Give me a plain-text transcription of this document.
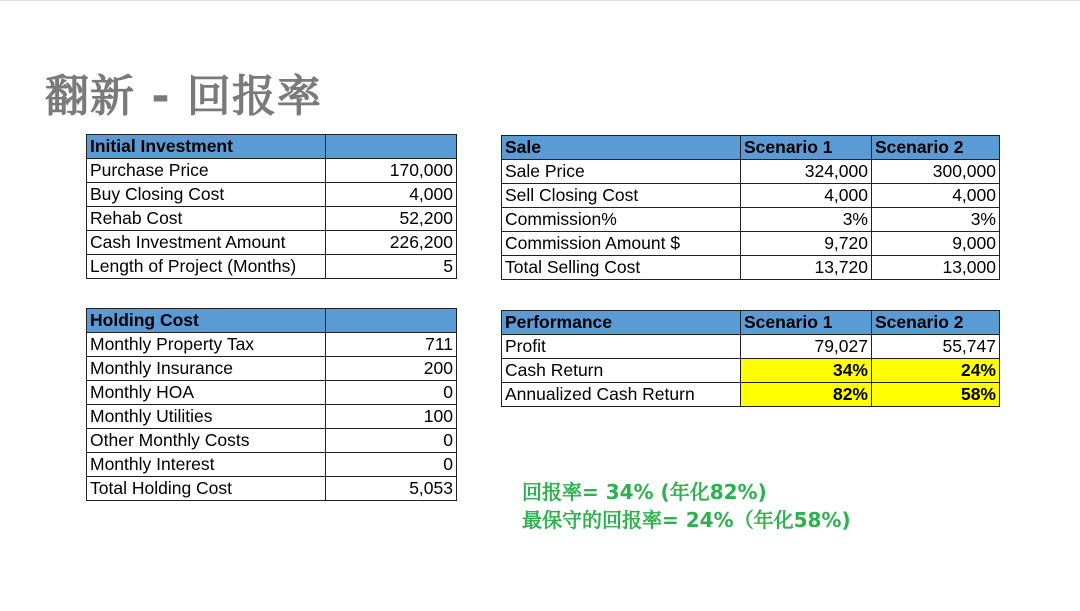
翻新 - 回报率
Initial Investment	
Purchase Price	170,000
Buy Closing Cost	4,000
Rehab Cost	52,200
Cash Investment Amount	226,200
Length of Project (Months)	5
Holding Cost	
Monthly Property Tax	711
Monthly Insurance	200
Monthly HOA	0
Monthly Utilities	100
Other Monthly Costs	0
Monthly Interest	0
Total Holding Cost	5,053
Sale	Scenario 1	Scenario 2
Sale Price	324,000	300,000
Sell Closing Cost	4,000	4,000
Commission%	3%	3%
Commission Amount $	9,720	9,000
Total Selling Cost	13,720	13,000
Performance	Scenario 1	Scenario 2
Profit	79,027	55,747
Cash Return	34%	24%
Annualized Cash Return	82%	58%
回报率= 34% (年化82%)
最保守的回报率= 24%（年化58%)
